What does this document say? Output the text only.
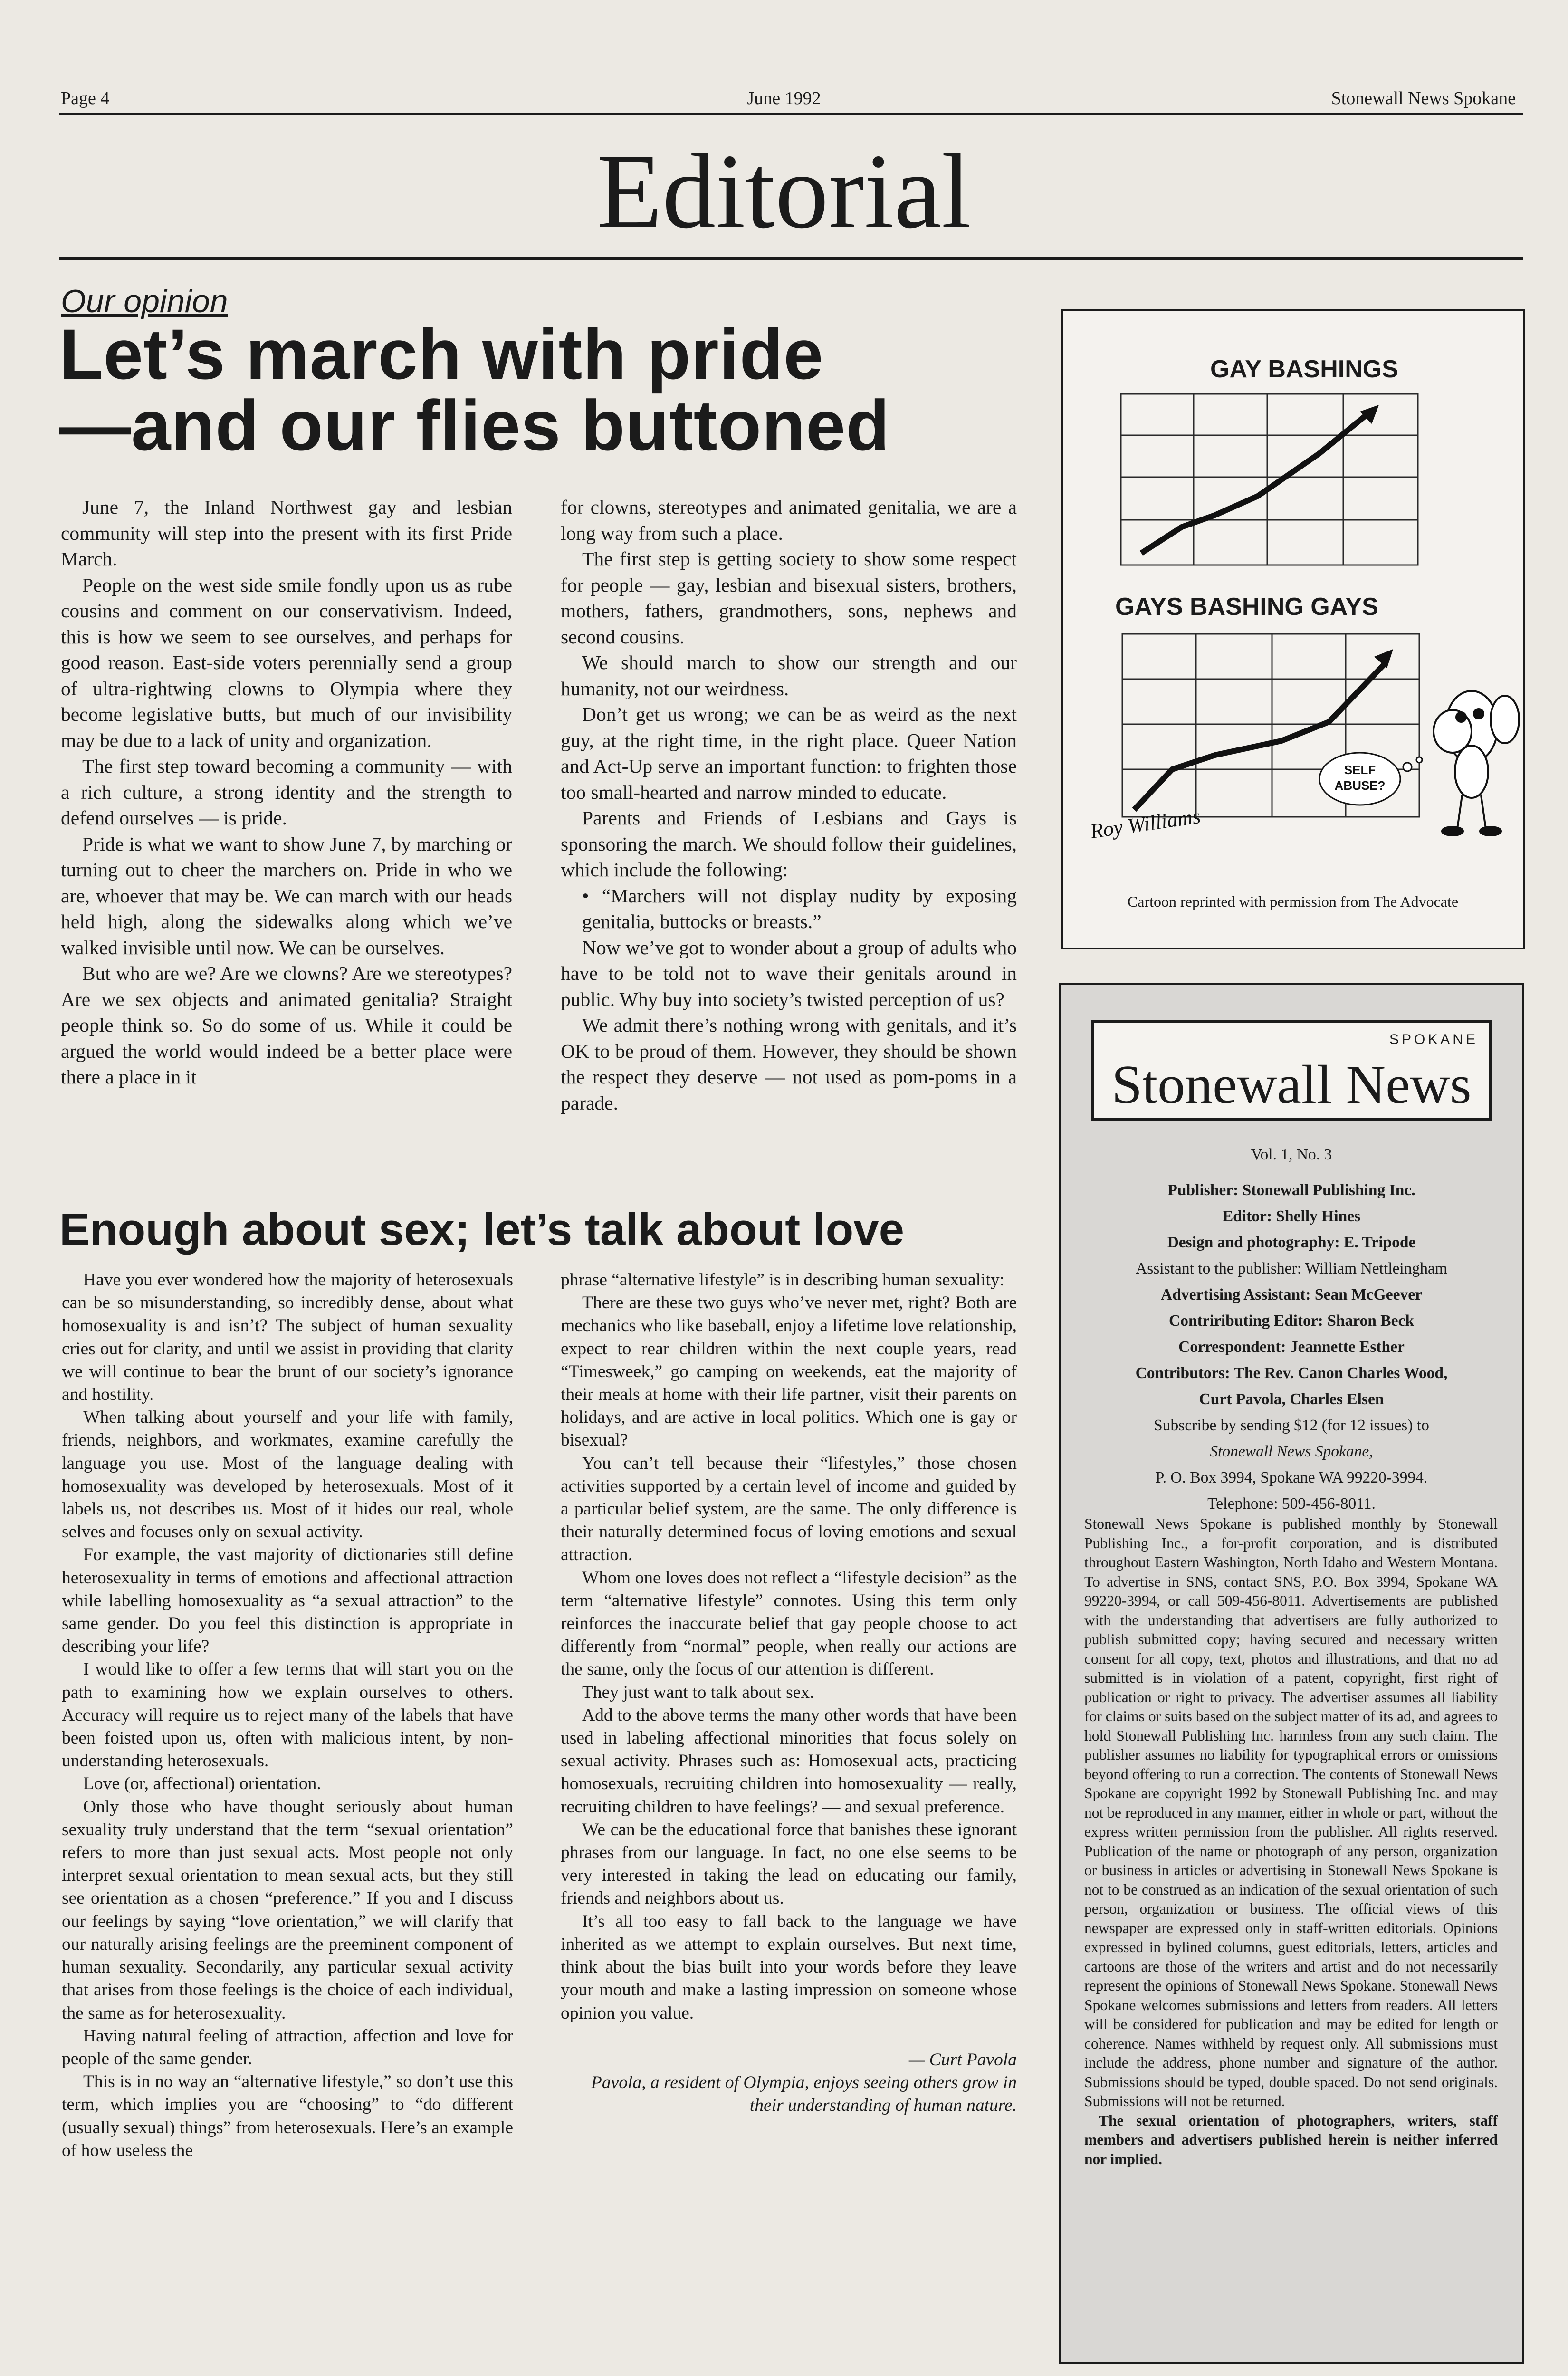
Page 4	June 1992	Stonewall News Spokane
Editorial
Our opinion
Let’s march with pride
—and our flies buttoned

June 7, the Inland Northwest gay and lesbian community will step into the present with its first Pride March.

People on the west side smile fondly upon us as rube cousins and comment on our conservativism. Indeed, this is how we seem to see ourselves, and perhaps for good reason. East-side voters perennially send a group of ultra-rightwing clowns to Olympia where they become legislative butts, but much of our invisibility may be due to a lack of unity and organization.

The first step toward becoming a community — with a rich culture, a strong identity and the strength to defend ourselves — is pride.

Pride is what we want to show June 7, by marching or turning out to cheer the marchers on. Pride in who we are, whoever that may be. We can march with our heads held high, along the sidewalks along which we’ve walked invisible until now. We can be ourselves.

But who are we? Are we clowns? Are we stereotypes? Are we sex objects and animated genitalia? Straight people think so. So do some of us. While it could be argued the world would indeed be a better place were there a place in it

for clowns, stereotypes and animated genitalia, we are a long way from such a place.

The first step is getting society to show some respect for people — gay, lesbian and bisexual sisters, brothers, mothers, fathers, grandmothers, sons, nephews and second cousins.

We should march to show our strength and our humanity, not our weirdness.

Don’t get us wrong; we can be as weird as the next guy, at the right time, in the right place. Queer Nation and Act-Up serve an important function: to frighten those too small-hearted and narrow minded to educate.

Parents and Friends of Lesbians and Gays is sponsoring the march. We should follow their guidelines, which include the following:

• “Marchers will not display nudity by exposing genitalia, buttocks or breasts.”

Now we’ve got to wonder about a group of adults who have to be told not to wave their genitals around in public. Why buy into society’s twisted perception of us?

We admit there’s nothing wrong with genitals, and it’s OK to be proud of them. However, they should be shown the respect they deserve — not used as pom-poms in a parade.

Enough about sex; let’s talk about love

Have you ever wondered how the majority of heterosexuals can be so misunderstanding, so incredibly dense, about what homosexuality is and isn’t? The subject of human sexuality cries out for clarity, and until we assist in providing that clarity we will continue to bear the brunt of our society’s ignorance and hostility.

When talking about yourself and your life with family, friends, neighbors, and workmates, examine carefully the language you use. Most of the language dealing with homosexuality was developed by heterosexuals. Most of it labels us, not describes us. Most of it hides our real, whole selves and focuses only on sexual activity.

For example, the vast majority of dictionaries still define heterosexuality in terms of emotions and affectional attraction while labelling homosexuality as “a sexual attraction” to the same gender. Do you feel this distinction is appropriate in describing your life?

I would like to offer a few terms that will start you on the path to examining how we explain ourselves to others. Accuracy will require us to reject many of the labels that have been foisted upon us, often with malicious intent, by non-understanding heterosexuals.

Love (or, affectional) orientation.

Only those who have thought seriously about human sexuality truly understand that the term “sexual orientation” refers to more than just sexual acts. Most people not only interpret sexual orientation to mean sexual acts, but they still see orientation as a chosen “preference.” If you and I discuss our feelings by saying “love orientation,” we will clarify that our naturally arising feelings are the preeminent component of human sexuality. Secondarily, any particular sexual activity that arises from those feelings is the choice of each individual, the same as for heterosexuality.

Having natural feeling of attraction, affection and love for people of the same gender.

This is in no way an “alternative lifestyle,” so don’t use this term, which implies you are “choosing” to “do different (usually sexual) things” from heterosexuals. Here’s an example of how useless the

phrase “alternative lifestyle” is in describing human sexuality:

There are these two guys who’ve never met, right? Both are mechanics who like baseball, enjoy a lifetime love relationship, expect to rear children within the next couple years, read “Timesweek,” go camping on weekends, eat the majority of their meals at home with their life partner, visit their parents on holidays, and are active in local politics. Which one is gay or bisexual?

You can’t tell because their “lifestyles,” those chosen activities supported by a certain level of income and guided by a particular belief system, are the same. The only difference is their naturally determined focus of loving emotions and sexual attraction.

Whom one loves does not reflect a “lifestyle decision” as the term “alternative lifestyle” connotes. Using this term only reinforces the inaccurate belief that gay people choose to act differently from “normal” people, when really our actions are the same, only the focus of our attention is different.

They just want to talk about sex.

Add to the above terms the many other words that have been used in labeling affectional minorities that focus solely on sexual activity. Phrases such as: Homosexual acts, practicing homosexuals, recruiting children into homosexuality — really, recruiting children to have feelings? — and sexual preference.

We can be the educational force that banishes these ignorant phrases from our language. In fact, no one else seems to be very interested in taking the lead on educating our family, friends and neighbors about us.

It’s all too easy to fall back to the language we have inherited as we attempt to explain ourselves. But next time, think about the bias built into your words before they leave your mouth and make a lasting impression on someone whose opinion you value.

— Curt Pavola

Pavola, a resident of Olympia, enjoys seeing others grow in their understanding of human nature.

GAY BASHINGS
GAYS BASHING GAYS
SELF
ABUSE?
Roy Williams
Cartoon reprinted with permission from The Advocate
SPOKANE
Stonewall News
Vol. 1, No. 3
Publisher: Stonewall Publishing Inc.
Editor: Shelly Hines
Design and photography: E. Tripode
Assistant to the publisher: William Nettleingham
Advertising Assistant: Sean McGeever
Contriributing Editor: Sharon Beck
Correspondent: Jeannette Esther
Contributors: The Rev. Canon Charles Wood,
Curt Pavola, Charles Elsen
Subscribe by sending $12 (for 12 issues) to
Stonewall News Spokane,
P. O. Box 3994, Spokane WA 99220-3994.
Telephone: 509-456-8011.

Stonewall News Spokane is published monthly by Stonewall Publishing Inc., a for-profit corporation, and is distributed throughout Eastern Washington, North Idaho and Western Montana. To advertise in SNS, contact SNS, P.O. Box 3994, Spokane WA 99220-3994, or call 509-456-8011. Advertisements are published with the understanding that advertisers are fully authorized to publish submitted copy; having secured and necessary written consent for all copy, text, photos and illustrations, and that no ad submitted is in violation of a patent, copyright, first right of publication or right to privacy. The advertiser assumes all liability for claims or suits based on the subject matter of its ad, and agrees to hold Stonewall Publishing Inc. harmless from any such claim. The publisher assumes no liability for typographical errors or omissions beyond offering to run a correction. The contents of Stonewall News Spokane are copyright 1992 by Stonewall Publishing Inc. and may not be reproduced in any manner, either in whole or part, without the express written permission from the publisher. All rights reserved. Publication of the name or photograph of any person, organization or business in articles or advertising in Stonewall News Spokane is not to be construed as an indication of the sexual orientation of such person, organization or business. The official views of this newspaper are expressed only in staff-written editorials. Opinions expressed in bylined columns, guest editorials, letters, articles and cartoons are those of the writers and artist and do not necessarily represent the opinions of Stonewall News Spokane. Stonewall News Spokane welcomes submissions and letters from readers. All letters will be considered for publication and may be edited for length or coherence. Names withheld by request only. All submissions must include the address, phone number and signature of the author. Submissions should be typed, double spaced. Do not send originals. Submissions will not be returned.

The sexual orientation of photographers, writers, staff members and advertisers published herein is neither inferred nor implied.
